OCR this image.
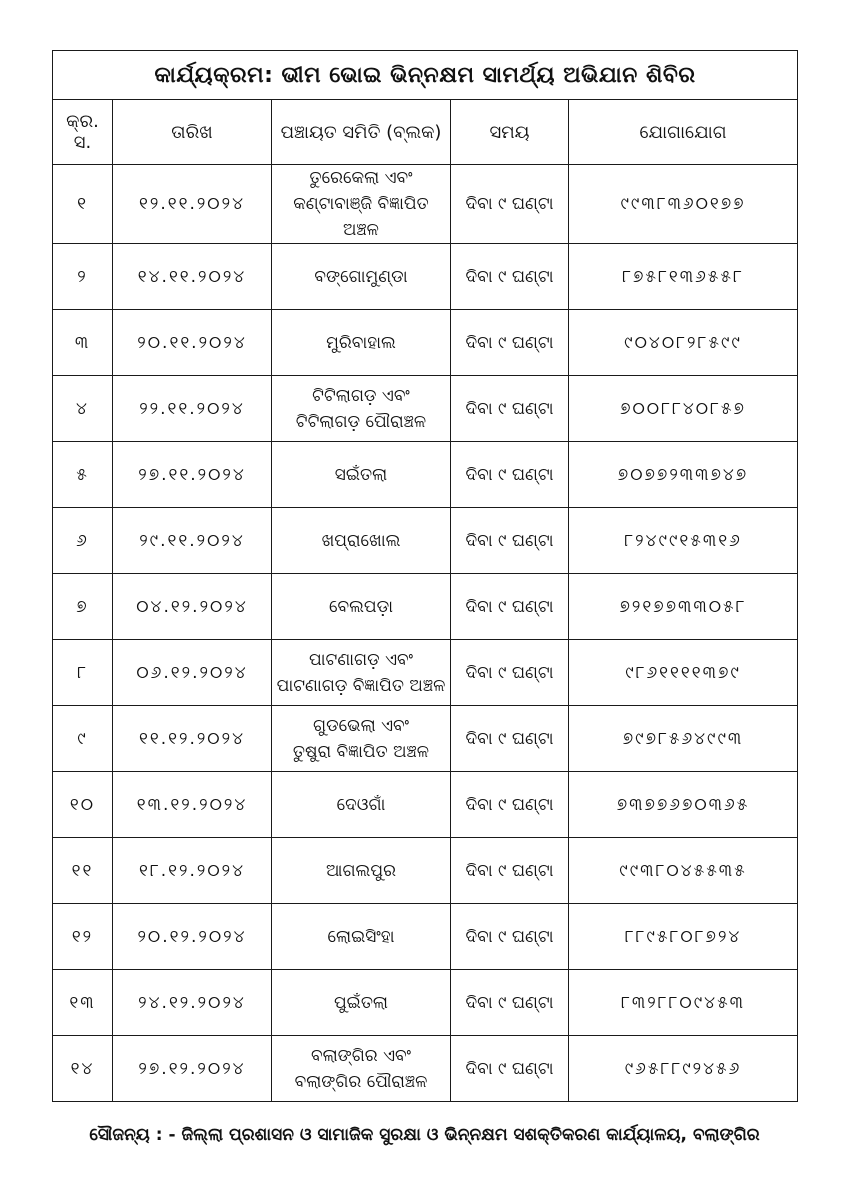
କାର୍ଯ୍ୟକ୍ରମ: ଭୀମ ଭୋଇ ଭିନ୍ନକ୍ଷମ ସାମର୍ଥ୍ୟ ଅଭିଯାନ ଶିବିର				
କ୍ର. ସ.	ତାରିଖ	ପଞ୍ଚାୟତ ସମିତି (ବ୍ଲକ)	ସମୟ	ଯୋଗାଯୋଗ
୧	୧୨.୧୧.୨୦୨୪	ତୁରେକେଲା ଏବଂ
କଣ୍ଟାବାଞ୍ଜି ବିଜ୍ଞାପିତ ଅଞ୍ଚଳ	ଦିବା ୯ ଘଣ୍ଟା	୯୯୩୮୩୬୦୧୭୭
୨	୧୪.୧୧.୨୦୨୪	ବଙ୍ଗୋମୁଣ୍ଡା	ଦିବା ୯ ଘଣ୍ଟା	୮୭୫୮୧୩୬୫୫୮
୩	୨୦.୧୧.୨୦୨୪	ମୁରିବାହାଲ	ଦିବା ୯ ଘଣ୍ଟା	୯୦୪୦୮୨୮୫୯୯
୪	୨୨.୧୧.୨୦୨୪	ଟିଟିଲାଗଡ଼ ଏବଂ
ଟିଟିଲାଗଡ଼ ପୌରାଞ୍ଚଳ	ଦିବା ୯ ଘଣ୍ଟା	୭୦୦୮୮୪୦୮୫୭
୫	୨୭.୧୧.୨୦୨୪	ସଇଁତଲା	ଦିବା ୯ ଘଣ୍ଟା	୭୦୭୭୨୩୩୭୪୭
୬	୨୯.୧୧.୨୦୨୪	ଖପ୍ରାଖୋଲ	ଦିବା ୯ ଘଣ୍ଟା	୮୨୪୯୯୧୫୩୧୬
୭	୦୪.୧୨.୨୦୨୪	ବେଲପଡ଼ା	ଦିବା ୯ ଘଣ୍ଟା	୭୨୧୭୭୩୩୦୫୮
୮	୦୬.୧୨.୨୦୨୪	ପାଟଣାଗଡ଼ ଏବଂ
ପାଟଣାଗଡ଼ ବିଜ୍ଞାପିତ ଅଞ୍ଚଳ	ଦିବା ୯ ଘଣ୍ଟା	୯୮୬୧୧୧୧୩୭୯
୯	୧୧.୧୨.୨୦୨୪	ଗୁଡଭେଲା ଏବଂ
ତୁଷୁରା ବିଜ୍ଞାପିତ ଅଞ୍ଚଳ	ଦିବା ୯ ଘଣ୍ଟା	୭୯୭୮୫୬୪୯୯୩
୧୦	୧୩.୧୨.୨୦୨୪	ଦେଓଗାଁ	ଦିବା ୯ ଘଣ୍ଟା	୭୩୭୭୬୭୦୩୬୫
୧୧	୧୮.୧୨.୨୦୨୪	ଆଗଲପୁର	ଦିବା ୯ ଘଣ୍ଟା	୯୯୩୮୦୪୫୫୩୫
୧୨	୨୦.୧୨.୨୦୨୪	ଲୋଇସିଂହା	ଦିବା ୯ ଘଣ୍ଟା	୮୮୯୫୮୦୮୭୨୪
୧୩	୨୪.୧୨.୨୦୨୪	ପୁଇଁତଲା	ଦିବା ୯ ଘଣ୍ଟା	୮୩୨୮୮୦୯୪୫୩
୧୪	୨୭.୧୨.୨୦୨୪	ବଲାଙ୍ଗିର ଏବଂ
ବଲାଙ୍ଗିର ପୌରାଞ୍ଚଳ	ଦିବା ୯ ଘଣ୍ଟା	୯୬୫୮୮୯୨୪୫୬
ସୌଜନ୍ୟ : - ଜିଲ୍ଲା ପ୍ରଶାସନ ଓ ସାମାଜିକ ସୁରକ୍ଷା ଓ ଭିନ୍ନକ୍ଷମ ସଶକ୍ତିକରଣ କାର୍ଯ୍ୟାଳୟ, ବଲାଙ୍ଗିର
